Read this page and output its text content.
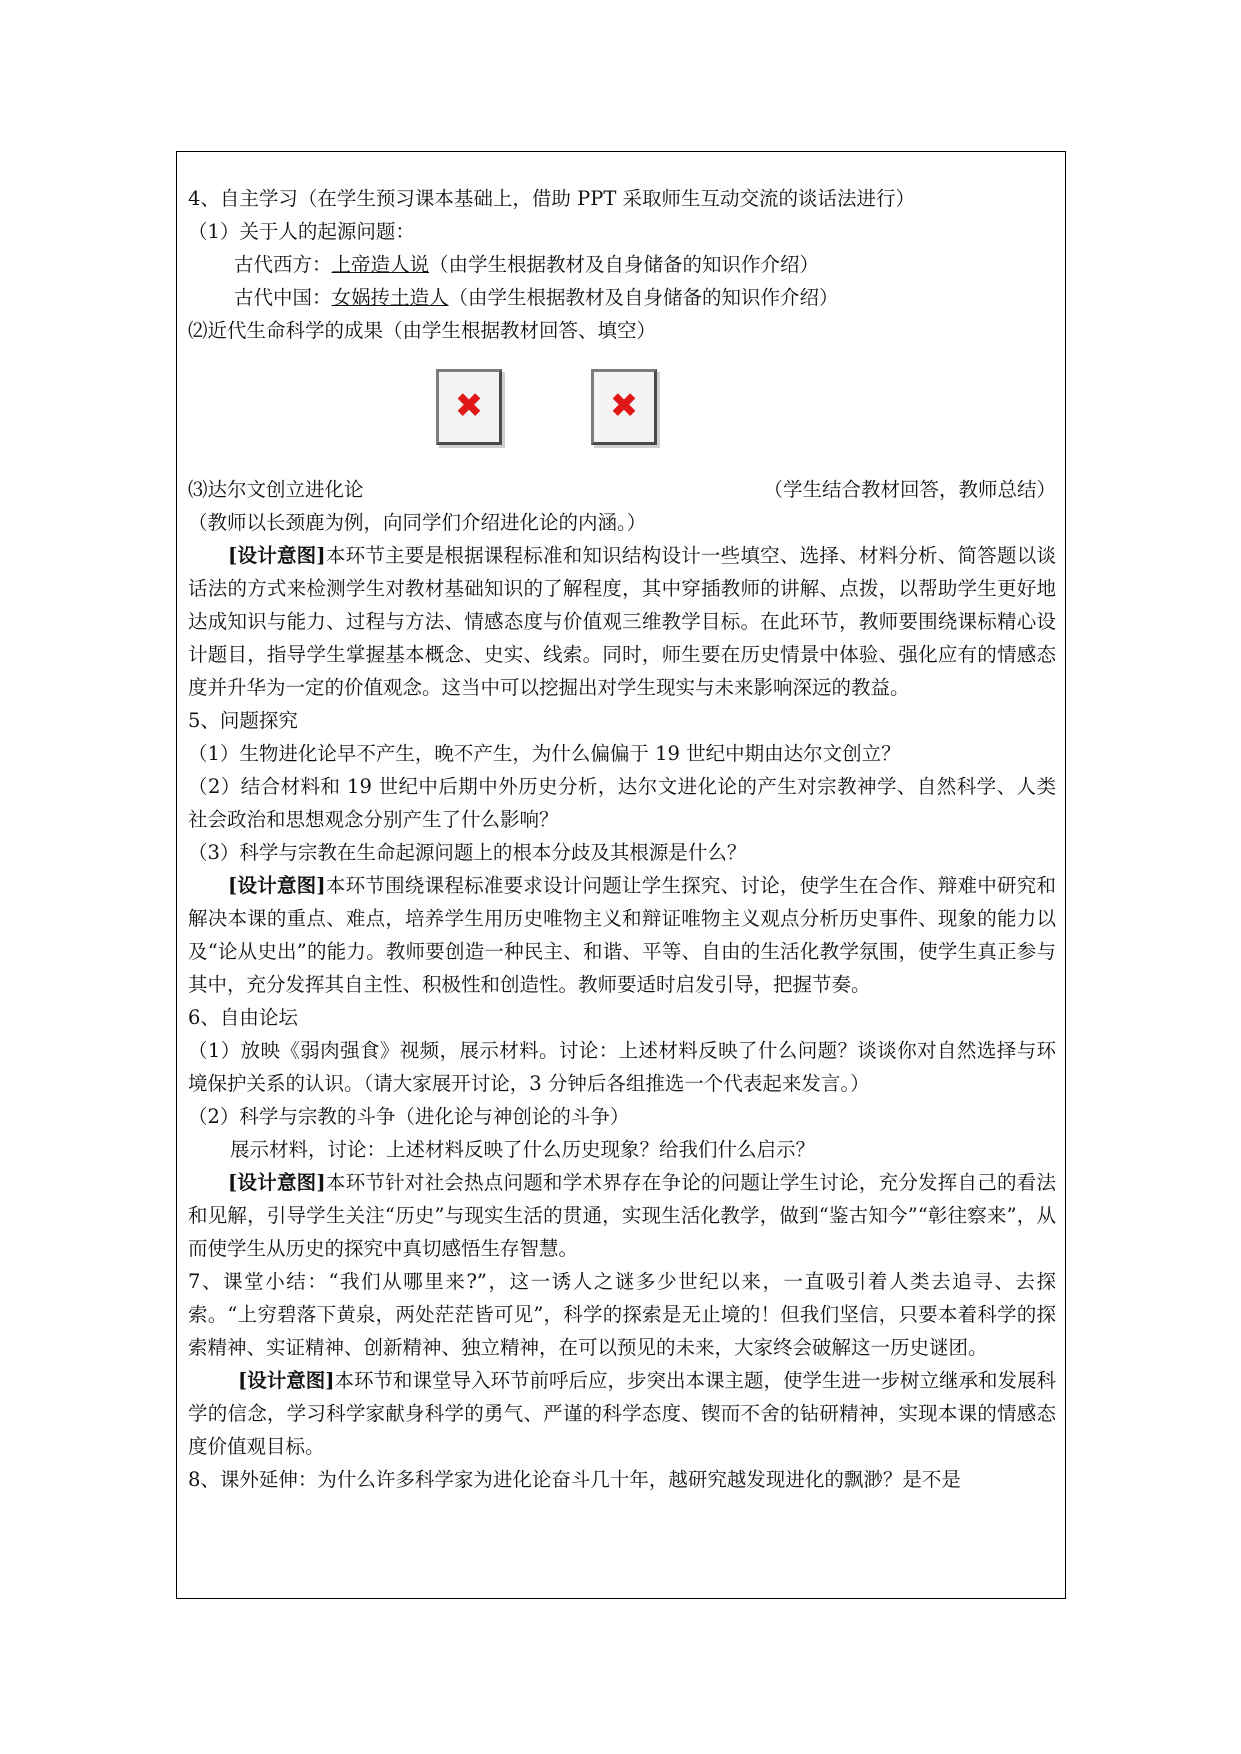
4、自主学习（在学生预习课本基础上，借助 PPT 采取师生互动交流的谈话法进行）
（1）关于人的起源问题：
古代西方：上帝造人说（由学生根据教材及自身储备的知识作介绍）
古代中国：女娲抟土造人（由学生根据教材及自身储备的知识作介绍）
⑵近代生命科学的成果（由学生根据教材回答、填空）
✖	✖
⑶达尔文创立进化论	（学生结合教材回答，教师总结）
（教师以长颈鹿为例，向同学们介绍进化论的内涵。）
[设计意图]本环节主要是根据课程标准和知识结构设计一些填空、选择、材料分析、简答题以谈话法的方式来检测学生对教材基础知识的了解程度，其中穿插教师的讲解、点拨，以帮助学生更好地达成知识与能力、过程与方法、情感态度与价值观三维教学目标。在此环节，教师要围绕课标精心设计题目，指导学生掌握基本概念、史实、线索。同时，师生要在历史情景中体验、强化应有的情感态度并升华为一定的价值观念。这当中可以挖掘出对学生现实与未来影响深远的教益。
5、问题探究
（1）生物进化论早不产生，晚不产生，为什么偏偏于 19 世纪中期由达尔文创立？
（2）结合材料和 19 世纪中后期中外历史分析，达尔文进化论的产生对宗教神学、自然科学、人类社会政治和思想观念分别产生了什么影响？
（3）科学与宗教在生命起源问题上的根本分歧及其根源是什么？
[设计意图]本环节围绕课程标准要求设计问题让学生探究、讨论，使学生在合作、辩难中研究和解决本课的重点、难点，培养学生用历史唯物主义和辩证唯物主义观点分析历史事件、现象的能力以及“论从史出”的能力。教师要创造一种民主、和谐、平等、自由的生活化教学氛围，使学生真正参与其中，充分发挥其自主性、积极性和创造性。教师要适时启发引导，把握节奏。
6、自由论坛
（1）放映《弱肉强食》视频，展示材料。讨论：上述材料反映了什么问题？谈谈你对自然选择与环境保护关系的认识。（请大家展开讨论，3 分钟后各组推选一个代表起来发言。）
（2）科学与宗教的斗争（进化论与神创论的斗争）
展示材料，讨论：上述材料反映了什么历史现象？给我们什么启示？
[设计意图]本环节针对社会热点问题和学术界存在争论的问题让学生讨论，充分发挥自己的看法和见解，引导学生关注“历史”与现实生活的贯通，实现生活化教学，做到“鉴古知今”“彰往察来”，从而使学生从历史的探究中真切感悟生存智慧。
7、课堂小结：“我们从哪里来?”，这一诱人之谜多少世纪以来，一直吸引着人类去追寻、去探索。“上穷碧落下黄泉，两处茫茫皆可见”，科学的探索是无止境的！但我们坚信，只要本着科学的探索精神、实证精神、创新精神、独立精神，在可以预见的未来，大家终会破解这一历史谜团。
[设计意图]本环节和课堂导入环节前呼后应，步突出本课主题，使学生进一步树立继承和发展科学的信念，学习科学家献身科学的勇气、严谨的科学态度、锲而不舍的钻研精神，实现本课的情感态度价值观目标。
8、课外延伸：为什么许多科学家为进化论奋斗几十年，越研究越发现进化的飘渺？是不是
